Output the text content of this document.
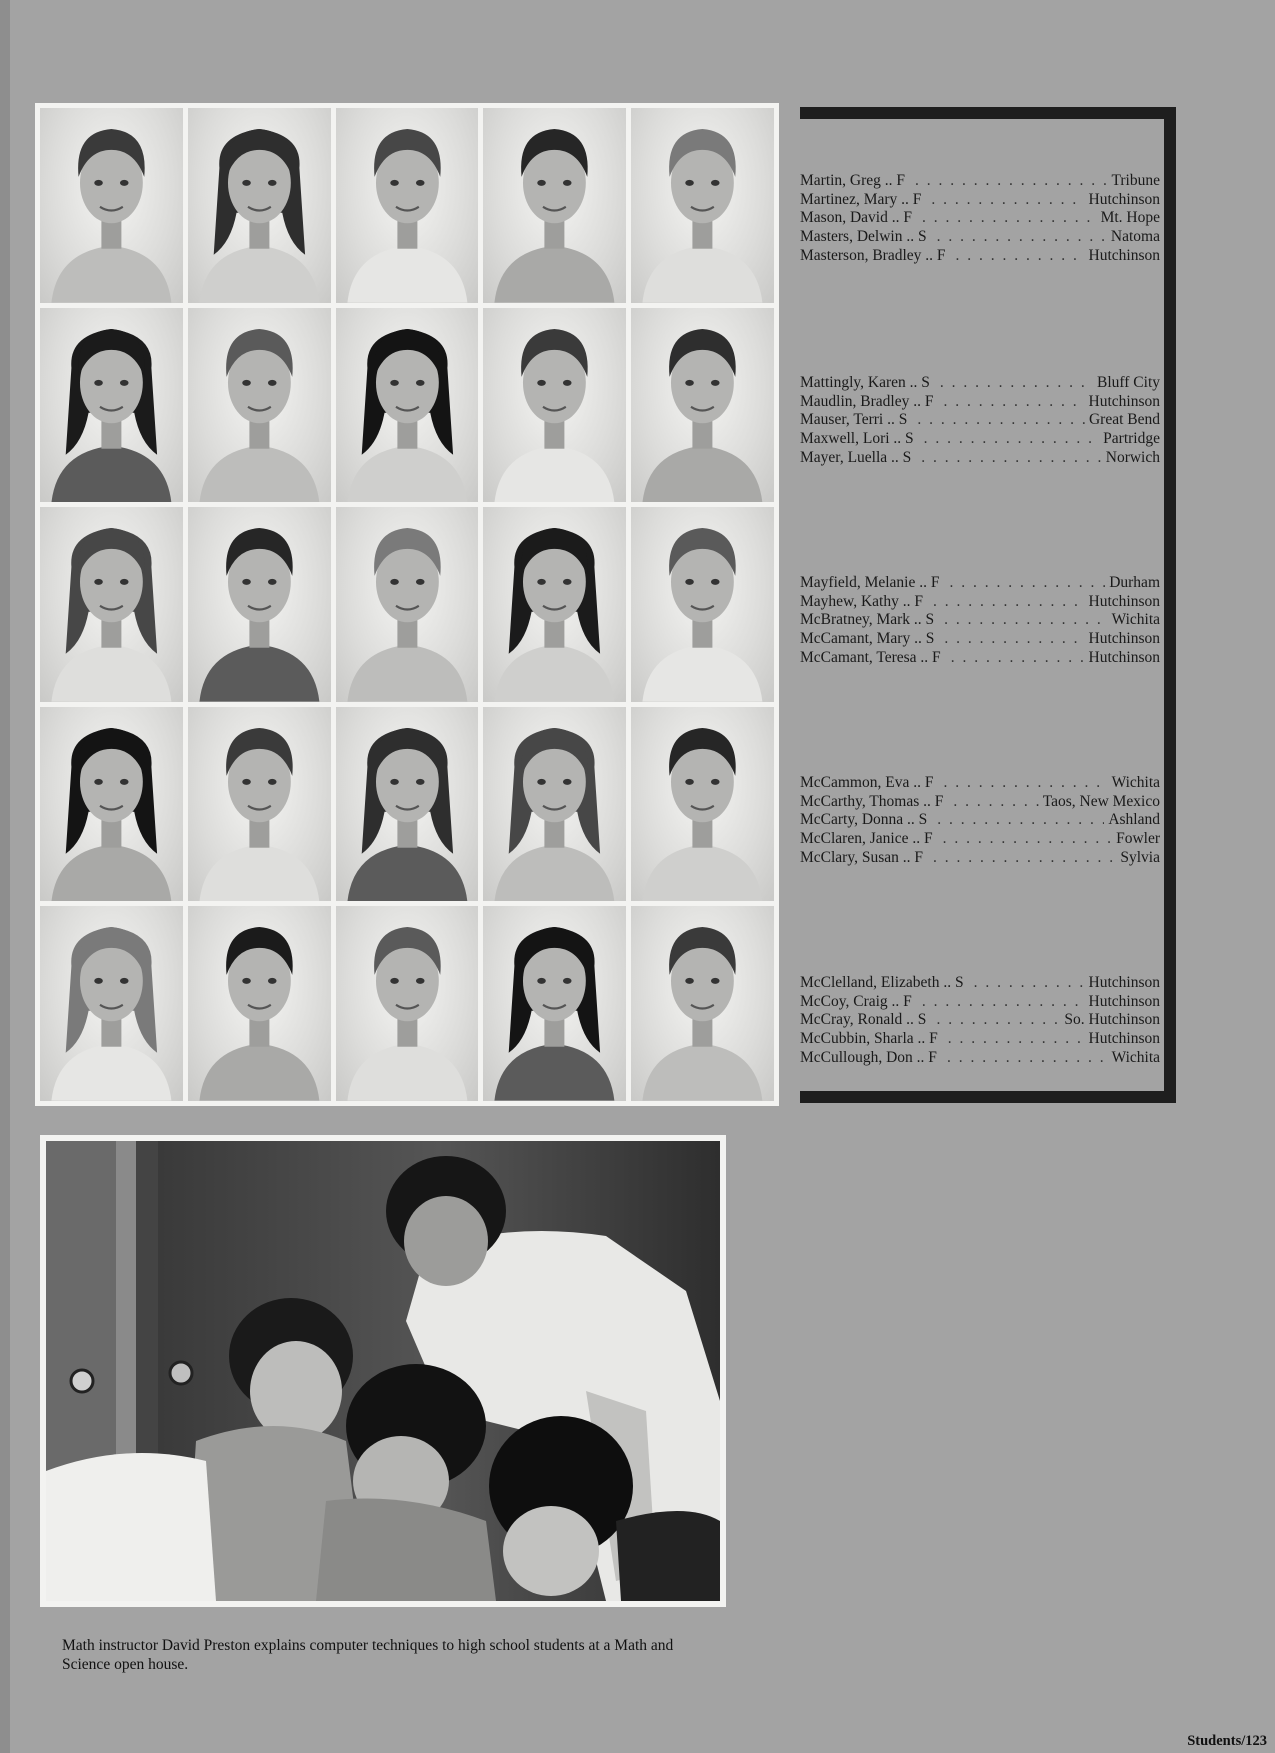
Martin, Greg .. F . . .	Tribune
Martinez, Mary .. F . . .	Hutchinson
Mason, David .. F . . .	Mt. Hope
Masters, Delwin .. S . . .	Natoma
Masterson, Bradley .. F . . .	Hutchinson
Mattingly, Karen .. S . . .	Bluff City
Maudlin, Bradley .. F . . .	Hutchinson
Mauser, Terri .. S . . .	Great Bend
Maxwell, Lori .. S . . .	Partridge
Mayer, Luella .. S . . .	Norwich
Mayfield, Melanie .. F . . .	Durham
Mayhew, Kathy .. F . . .	Hutchinson
McBratney, Mark .. S . . .	Wichita
McCamant, Mary .. S . . .	Hutchinson
McCamant, Teresa .. F . . .	Hutchinson
McCammon, Eva .. F . . .	Wichita
McCarthy, Thomas .. F . . .	Taos, New Mexico
McCarty, Donna .. S . . .	Ashland
McClaren, Janice .. F . . .	Fowler
McClary, Susan .. F . . .	Sylvia
McClelland, Elizabeth .. S . . .	Hutchinson
McCoy, Craig .. F . . .	Hutchinson
McCray, Ronald .. S . . .	So. Hutchinson
McCubbin, Sharla .. F . . .	Hutchinson
McCullough, Don .. F . . .	Wichita
Math instructor David Preston explains computer techniques to high school students at a Math and Science open house.
Students/123
